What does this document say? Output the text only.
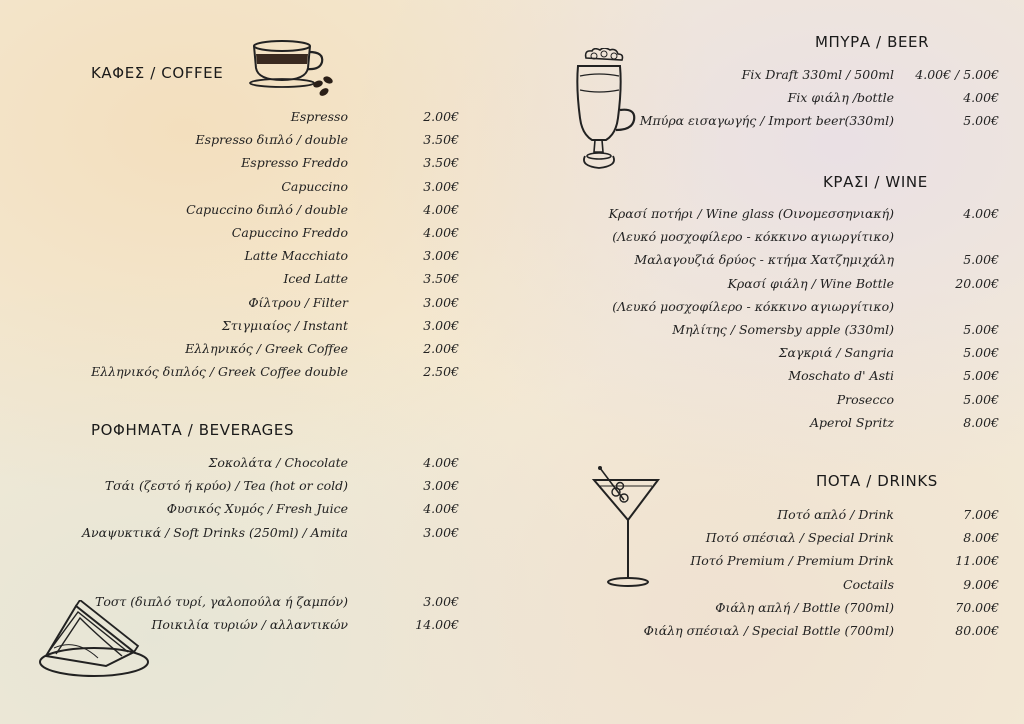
ΚΑΦΕΣ / COFFEE
Espresso	2.00€
Espresso διπλό / double	3.50€
Espresso Freddo	3.50€
Capuccino	3.00€
Capuccino διπλό / double	4.00€
Capuccino Freddo	4.00€
Latte Macchiato	3.00€
Iced Latte	3.50€
Φίλτρου / Filter	3.00€
Στιγμιαίος / Instant	3.00€
Ελληνικός / Greek Coffee	2.00€
Ελληνικός διπλός / Greek Coffee double	2.50€
ΡΟΦΗΜΑΤΑ / BEVERAGES
Σοκολάτα / Chocolate	4.00€
Τσάι (ζεστό ή κρύο) / Tea (hot or cold)	3.00€
Φυσικός Χυμός / Fresh Juice	4.00€
Αναψυκτικά / Soft Drinks (250ml) / Amita	3.00€
Τοστ (διπλό τυρί, γαλοπούλα ή ζαμπόν)	3.00€
Ποικιλία τυριών / αλλαντικών	14.00€
ΜΠΥΡΑ / BEER
Fix Draft 330ml / 500ml 4.00€ / 5.00€
Fix φιάλη /bottle	4.00€
Μπύρα εισαγωγής / Import beer(330ml)	5.00€
ΚΡΑΣΙ / WINE
Κρασί ποτήρι / Wine glass (Οινομεσσηνιακή)	4.00€
(Λευκό μοσχοφίλερο - κόκκινο αγιωργίτικο)
Μαλαγουζιά δρύος - κτήμα Χατζημιχάλη	5.00€
Κρασί φιάλη / Wine Bottle	20.00€
(Λευκό μοσχοφίλερο - κόκκινο αγιωργίτικο)
Μηλίτης / Somersby apple (330ml)	5.00€
Σαγκριά / Sangria	5.00€
Moschato d' Asti	5.00€
Prosecco	5.00€
Aperol Spritz	8.00€
ΠΟΤΑ / DRINKS
Ποτό απλό / Drink	7.00€
Ποτό σπέσιαλ / Special Drink	8.00€
Ποτό Premium / Premium Drink	11.00€
Coctails	9.00€
Φιάλη απλή / Bottle (700ml)	70.00€
Φιάλη σπέσιαλ / Special Bottle (700ml)	80.00€
